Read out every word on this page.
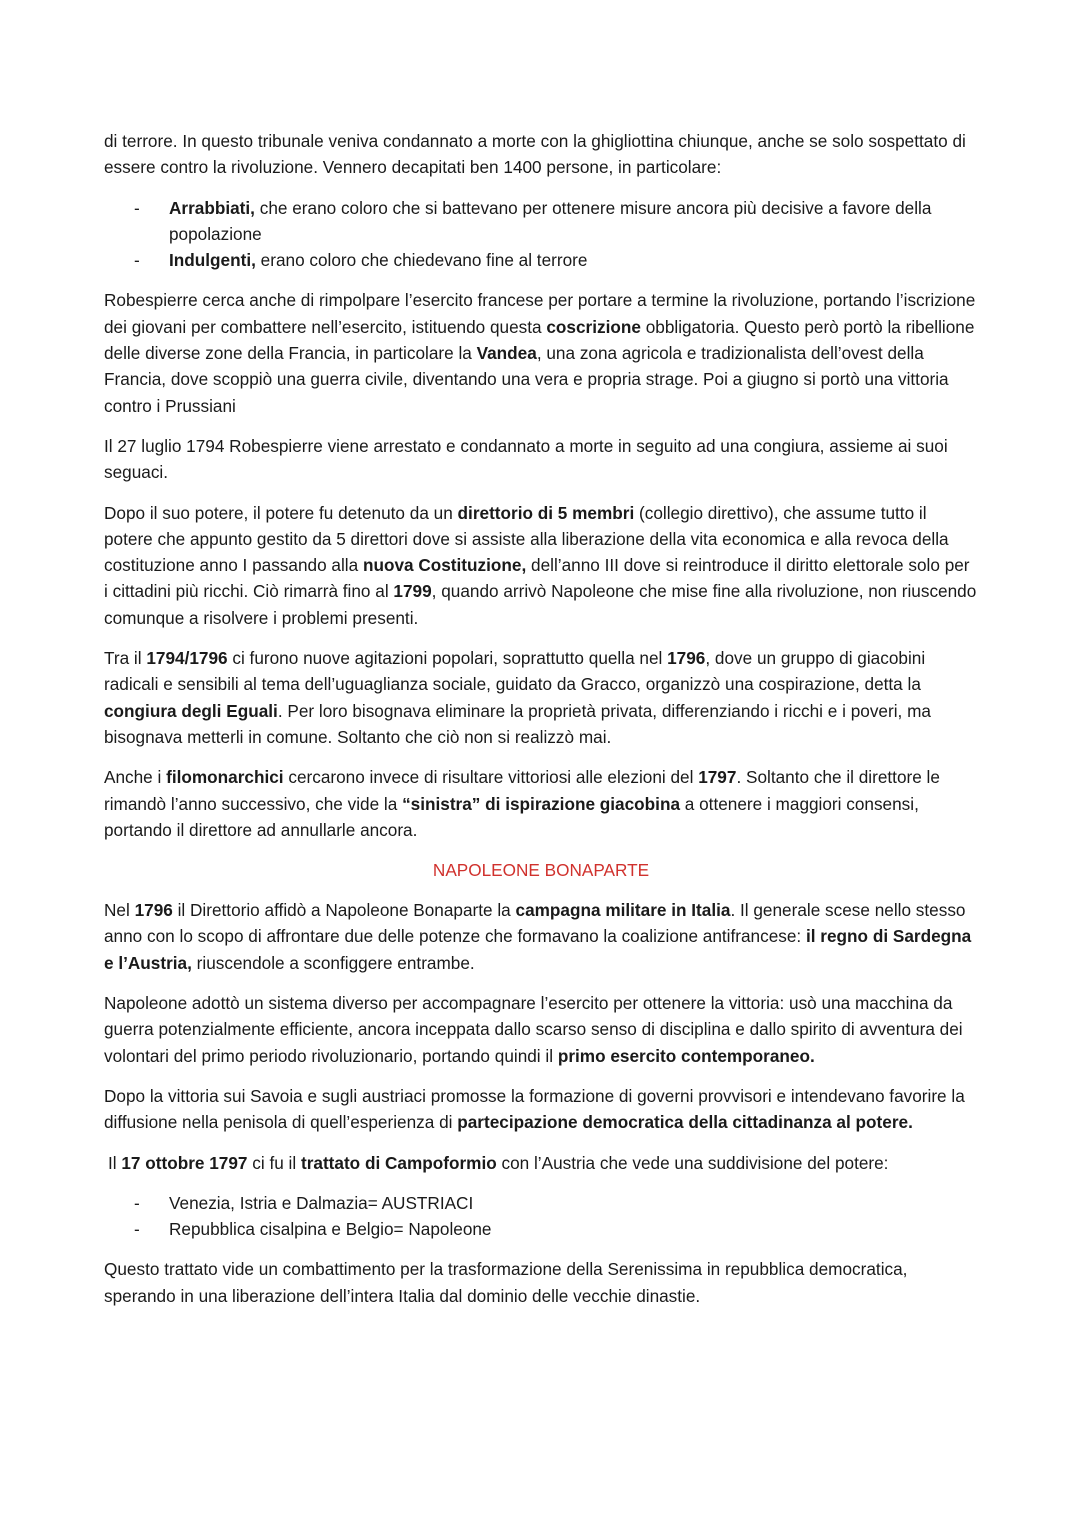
di terrore. In questo tribunale veniva condannato a morte con la ghigliottina chiunque, anche se solo sospettato di essere contro la rivoluzione. Vennero decapitati ben 1400 persone, in particolare:

- Arrabbiati, che erano coloro che si battevano per ottenere misure ancora più decisive a favore della popolazione
- Indulgenti, erano coloro che chiedevano fine al terrore

Robespierre cerca anche di rimpolpare l’esercito francese per portare a termine la rivoluzione, portando l’iscrizione dei giovani per combattere nell’esercito, istituendo questa coscrizione obbligatoria. Questo però portò la ribellione delle diverse zone della Francia, in particolare la Vandea, una zona agricola e tradizionalista dell’ovest della Francia, dove scoppiò una guerra civile, diventando una vera e propria strage. Poi a giugno si portò una vittoria contro i Prussiani

Il 27 luglio 1794 Robespierre viene arrestato e condannato a morte in seguito ad una congiura, assieme ai suoi seguaci.

Dopo il suo potere, il potere fu detenuto da un direttorio di 5 membri (collegio direttivo), che assume tutto il potere che appunto gestito da 5 direttori dove si assiste alla liberazione della vita economica e alla revoca della costituzione anno I passando alla nuova Costituzione, dell’anno III dove si reintroduce il diritto elettorale solo per i cittadini più ricchi. Ciò rimarrà fino al 1799, quando arrivò Napoleone che mise fine alla rivoluzione, non riuscendo comunque a risolvere i problemi presenti.

Tra il 1794/1796 ci furono nuove agitazioni popolari, soprattutto quella nel 1796, dove un gruppo di giacobini radicali e sensibili al tema dell’uguaglianza sociale, guidato da Gracco, organizzò una cospirazione, detta la congiura degli Eguali. Per loro bisognava eliminare la proprietà privata, differenziando i ricchi e i poveri, ma bisognava metterli in comune. Soltanto che ciò non si realizzò mai.

Anche i filomonarchici cercarono invece di risultare vittoriosi alle elezioni del 1797. Soltanto che il direttore le rimandò l’anno successivo, che vide la “sinistra” di ispirazione giacobina a ottenere i maggiori consensi, portando il direttore ad annullarle ancora.

NAPOLEONE BONAPARTE

Nel 1796 il Direttorio affidò a Napoleone Bonaparte la campagna militare in Italia. Il generale scese nello stesso anno con lo scopo di affrontare due delle potenze che formavano la coalizione antifrancese: il regno di Sardegna e l’Austria, riuscendole a sconfiggere entrambe.

Napoleone adottò un sistema diverso per accompagnare l’esercito per ottenere la vittoria: usò una macchina da guerra potenzialmente efficiente, ancora inceppata dallo scarso senso di disciplina e dallo spirito di avventura dei volontari del primo periodo rivoluzionario, portando quindi il primo esercito contemporaneo.

Dopo la vittoria sui Savoia e sugli austriaci promosse la formazione di governi provvisori e intendevano favorire la diffusione nella penisola di quell’esperienza di partecipazione democratica della cittadinanza al potere.

Il 17 ottobre 1797 ci fu il trattato di Campoformio con l’Austria che vede una suddivisione del potere:

- Venezia, Istria e Dalmazia= AUSTRIACI
- Repubblica cisalpina e Belgio= Napoleone

Questo trattato vide un combattimento per la trasformazione della Serenissima in repubblica democratica, sperando in una liberazione dell’intera Italia dal dominio delle vecchie dinastie.
